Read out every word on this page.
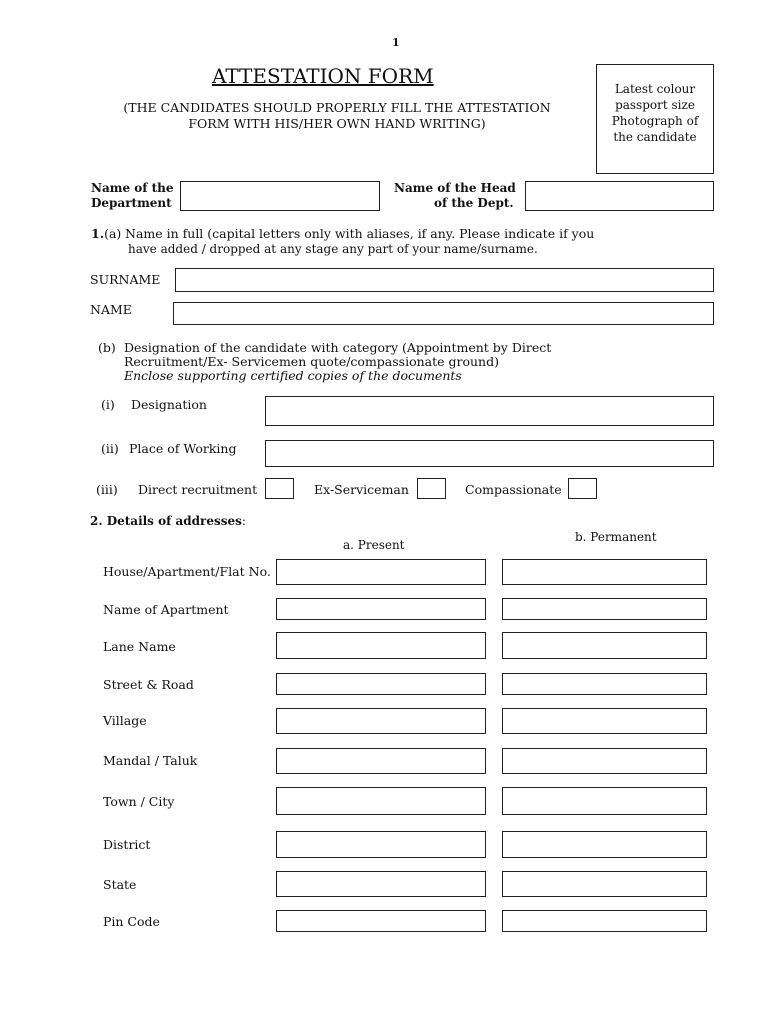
1
ATTESTATION FORM
(THE CANDIDATES SHOULD PROPERLY FILL THE ATTESTATION
FORM WITH HIS/HER OWN HAND WRITING)
Latest colour
passport size
Photograph of
the candidate
Name of the
Department
Name of the Head
of the Dept.
1.(a) Name in full (capital letters only with aliases, if any. Please indicate if you
have added / dropped at any stage any part of your name/surname.
SURNAME
NAME
(b) Designation of the candidate with category (Appointment by Direct
Recruitment/Ex- Servicemen quote/compassionate ground)
Enclose supporting certified copies of the documents
(i) Designation
(ii) Place of Working
(iii) Direct recruitment	Ex-Serviceman	Compassionate
2. Details of addresses:
a. Present
b. Permanent
House/Apartment/Flat No.
Name of Apartment
Lane Name
Street & Road
Village
Mandal / Taluk
Town / City
District
State
Pin Code
